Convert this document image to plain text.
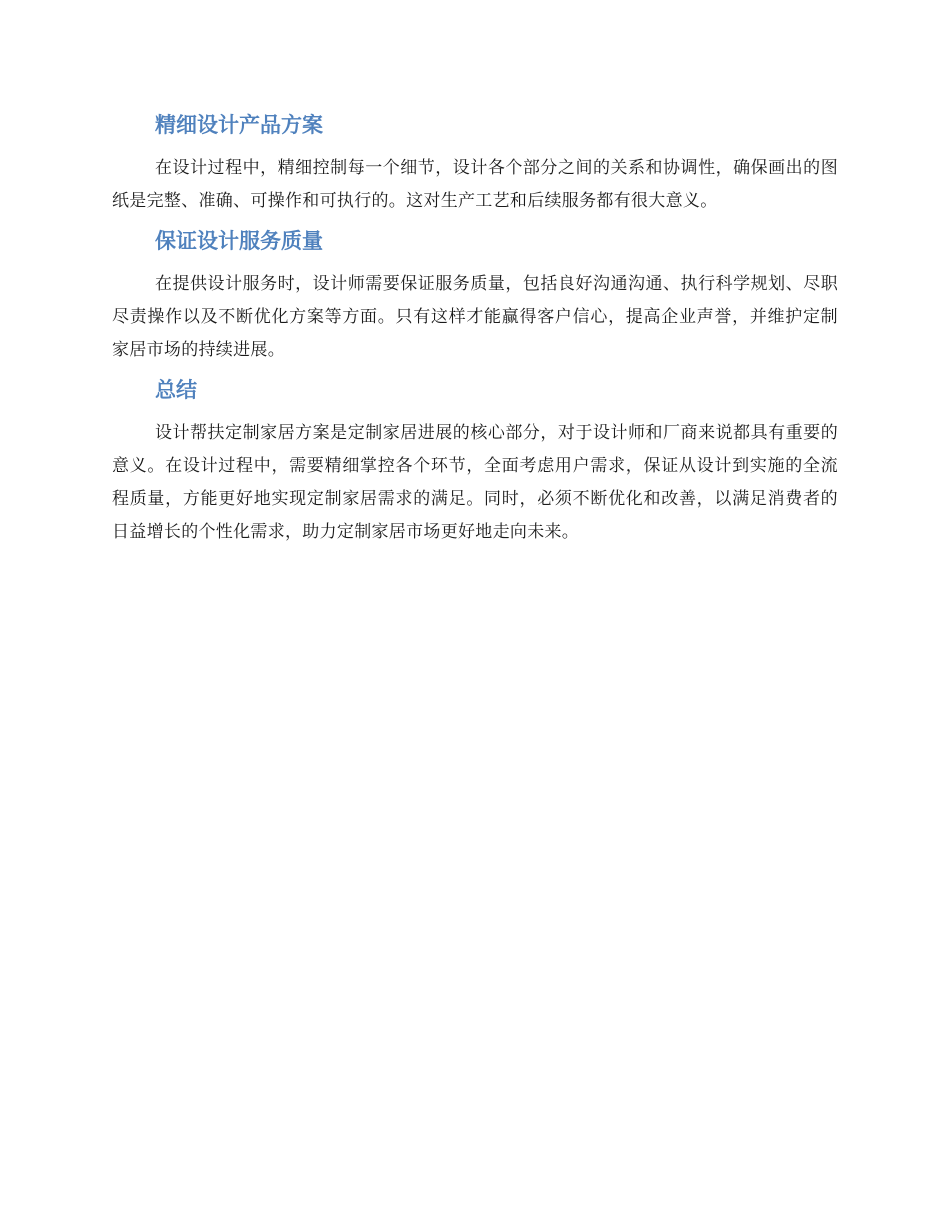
精细设计产品方案

在设计过程中，精细控制每一个细节，设计各个部分之间的关系和协调性，确保画出的图纸是完整、准确、可操作和可执行的。这对生产工艺和后续服务都有很大意义。

保证设计服务质量

在提供设计服务时，设计师需要保证服务质量，包括良好沟通沟通、执行科学规划、尽职尽责操作以及不断优化方案等方面。只有这样才能赢得客户信心，提高企业声誉，并维护定制家居市场的持续进展。

总结

设计帮扶定制家居方案是定制家居进展的核心部分，对于设计师和厂商来说都具有重要的意义。在设计过程中，需要精细掌控各个环节，全面考虑用户需求，保证从设计到实施的全流程质量，方能更好地实现定制家居需求的满足。同时，必须不断优化和改善，以满足消费者的日益增长的个性化需求，助力定制家居市场更好地走向未来。
